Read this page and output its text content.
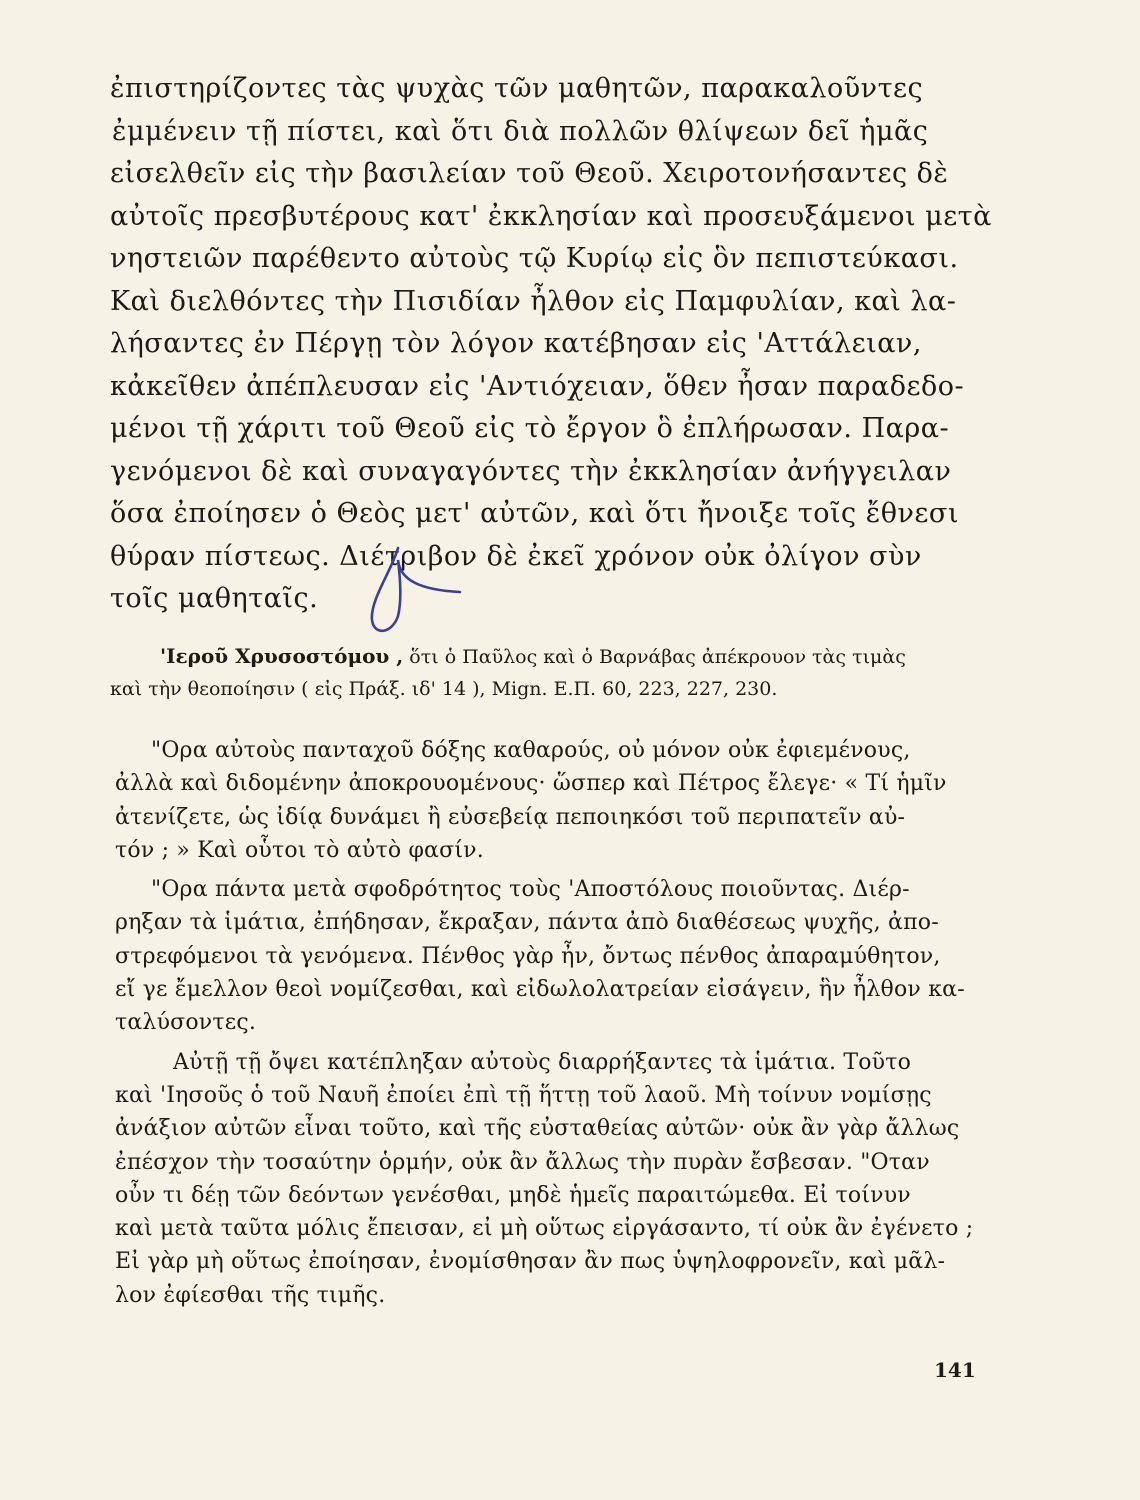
ἐπιστηρίζοντες τὰς ψυχὰς τῶν μαθητῶν, παρακαλοῦντες
ἐμμένειν τῇ πίστει, καὶ ὅτι διὰ πολλῶν θλίψεων δεῖ ἡμᾶς
εἰσελθεῖν εἰς τὴν βασιλείαν τοῦ Θεοῦ. Χειροτονήσαντες δὲ
αὐτοῖς πρεσβυτέρους κατ' ἐκκλησίαν καὶ προσευξάμενοι μετὰ
νηστειῶν παρέθεντο αὐτοὺς τῷ Κυρίῳ εἰς ὃν πεπιστεύκασι.
Καὶ διελθόντες τὴν Πισιδίαν ἦλθον εἰς Παμφυλίαν, καὶ λα-
λήσαντες ἐν Πέργῃ τὸν λόγον κατέβησαν εἰς 'Αττάλειαν,
κἀκεῖθεν ἀπέπλευσαν εἰς 'Αντιόχειαν, ὅθεν ἦσαν παραδεδο-
μένοι τῇ χάριτι τοῦ Θεοῦ εἰς τὸ ἔργον ὃ ἐπλήρωσαν. Παρα-
γενόμενοι δὲ καὶ συναγαγόντες τὴν ἐκκλησίαν ἀνήγγειλαν
ὅσα ἐποίησεν ὁ Θεὸς μετ' αὐτῶν, καὶ ὅτι ἤνοιξε τοῖς ἔθνεσι
θύραν πίστεως. Διέτριβον δὲ ἐκεῖ χρόνον οὐκ ὀλίγον σὺν
τοῖς μαθηταῖς.
'Ιεροῦ Χρυσοστόμου , ὅτι ὁ Παῦλος καὶ ὁ Βαρνάβας ἀπέκρουον τὰς τιμὰς
καὶ τὴν θεοποίησιν ( εἰς Πράξ. ιδ' 14 ), Mign. Ε.Π. 60, 223, 227, 230.
"Ορα αὐτοὺς πανταχοῦ δόξης καθαρούς, οὐ μόνον οὐκ ἐφιεμένους,
ἀλλὰ καὶ διδομένην ἀποκρουομένους· ὥσπερ καὶ Πέτρος ἔλεγε· « Τί ἡμῖν
ἀτενίζετε, ὡς ἰδίᾳ δυνάμει ἢ εὐσεβείᾳ πεποιηκόσι τοῦ περιπατεῖν αὐ-
τόν ; » Καὶ οὗτοι τὸ αὐτὸ φασίν.
"Ορα πάντα μετὰ σφοδρότητος τοὺς 'Αποστόλους ποιοῦντας. Διέρ-
ρηξαν τὰ ἱμάτια, ἐπήδησαν, ἔκραξαν, πάντα ἀπὸ διαθέσεως ψυχῆς, ἀπο-
στρεφόμενοι τὰ γενόμενα. Πένθος γὰρ ἦν, ὄντως πένθος ἀπαραμύθητον,
εἴ γε ἔμελλον θεοὶ νομίζεσθαι, καὶ εἰδωλολατρείαν εἰσάγειν, ἣν ἦλθον κα-
ταλύσοντες.
Αὐτῇ τῇ ὄψει κατέπληξαν αὐτοὺς διαρρήξαντες τὰ ἱμάτια. Τοῦτο
καὶ 'Ιησοῦς ὁ τοῦ Ναυῆ ἐποίει ἐπὶ τῇ ἥττῃ τοῦ λαοῦ. Μὴ τοίνυν νομίσῃς
ἀνάξιον αὐτῶν εἶναι τοῦτο, καὶ τῆς εὐσταθείας αὐτῶν· οὐκ ἂν γὰρ ἄλλως
ἐπέσχον τὴν τοσαύτην ὁρμήν, οὐκ ἂν ἄλλως τὴν πυρὰν ἔσβεσαν. "Οταν
οὖν τι δέῃ τῶν δεόντων γενέσθαι, μηδὲ ἡμεῖς παραιτώμεθα. Εἰ τοίνυν
καὶ μετὰ ταῦτα μόλις ἔπεισαν, εἰ μὴ οὕτως εἰργάσαντο, τί οὐκ ἂν ἐγένετο ;
Εἰ γὰρ μὴ οὕτως ἐποίησαν, ἐνομίσθησαν ἂν πως ὑψηλοφρονεῖν, καὶ μᾶλ-
λον ἐφίεσθαι τῆς τιμῆς.
141
